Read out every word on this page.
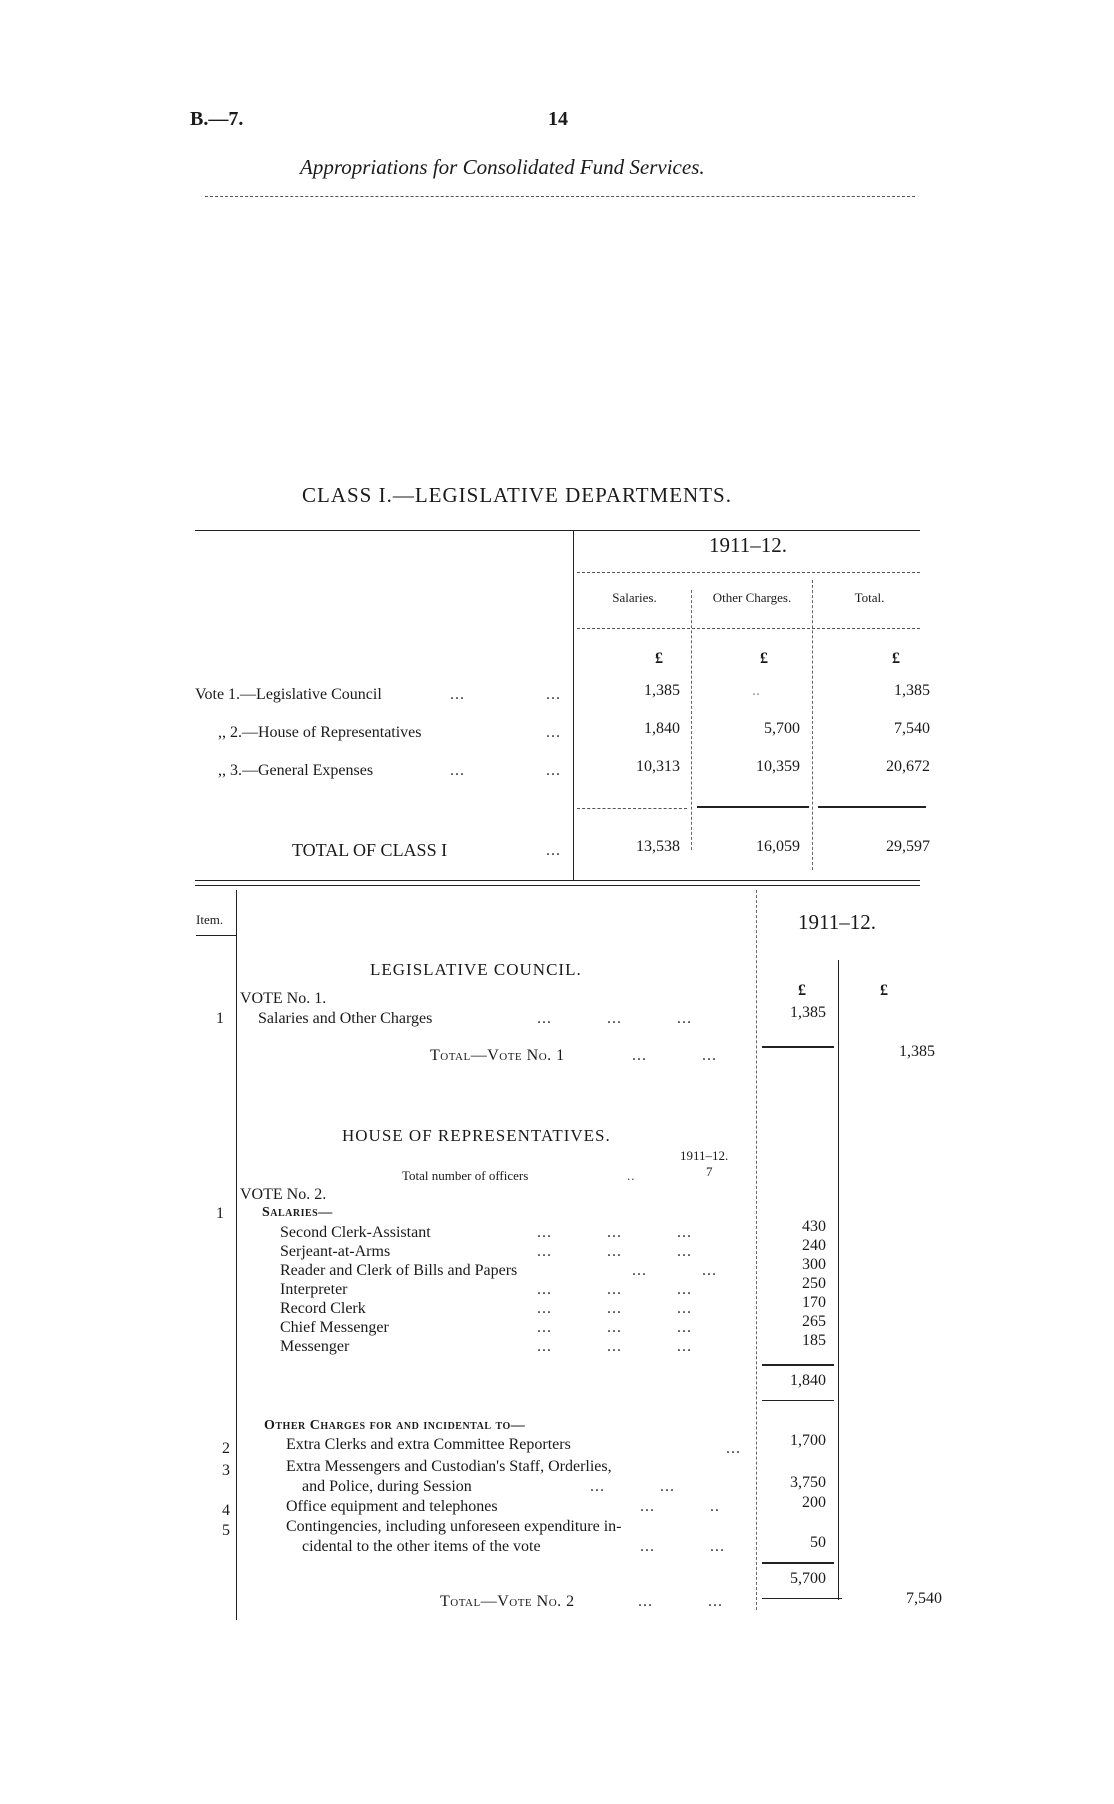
B.—7.	14
Appropriations for Consolidated Fund Services.
CLASS I.—LEGISLATIVE DEPARTMENTS.
1911–12.
Salaries.	Other Charges.	Total.
£	£	£
Vote 1.—Legislative Council	...	...	1,385	..	1,385
,, 2.—House of Representatives	...	1,840	5,700	7,540
,, 3.—General Expenses	...	...	10,313	10,359	20,672
TOTAL OF CLASS I	...	13,538	16,059	29,597
Item.	1911–12.
LEGISLATIVE COUNCIL.
VOTE No. 1.	£	£
1 Salaries and Other Charges	...           ...           ...	1,385
Total—Vote No. 1	...           ...	1,385
HOUSE OF REPRESENTATIVES.
1911–12.
Total number of officers	..	7
VOTE No. 2.
1	Salaries—
Second Clerk-Assistant	...           ...           ...	430
Serjeant-at-Arms	...           ...           ...	240
Reader and Clerk of Bills and Papers	...           ...	300
Interpreter	...           ...           ...	250
Record Clerk	...           ...           ...	170
Chief Messenger	...           ...           ...	265
Messenger	...           ...           ...	185
1,840
Other Charges for and incidental to—
2	Extra Clerks and extra Committee Reporters	...	1,700
3	Extra Messengers and Custodian's Staff, Orderlies,
and Police, during Session	...           ...	3,750
4	Office equipment and telephones	...           ..	200
5	Contingencies, including unforeseen expenditure in-
cidental to the other items of the vote	...           ...	50
5,700
Total—Vote No. 2	...           ...	7,540
